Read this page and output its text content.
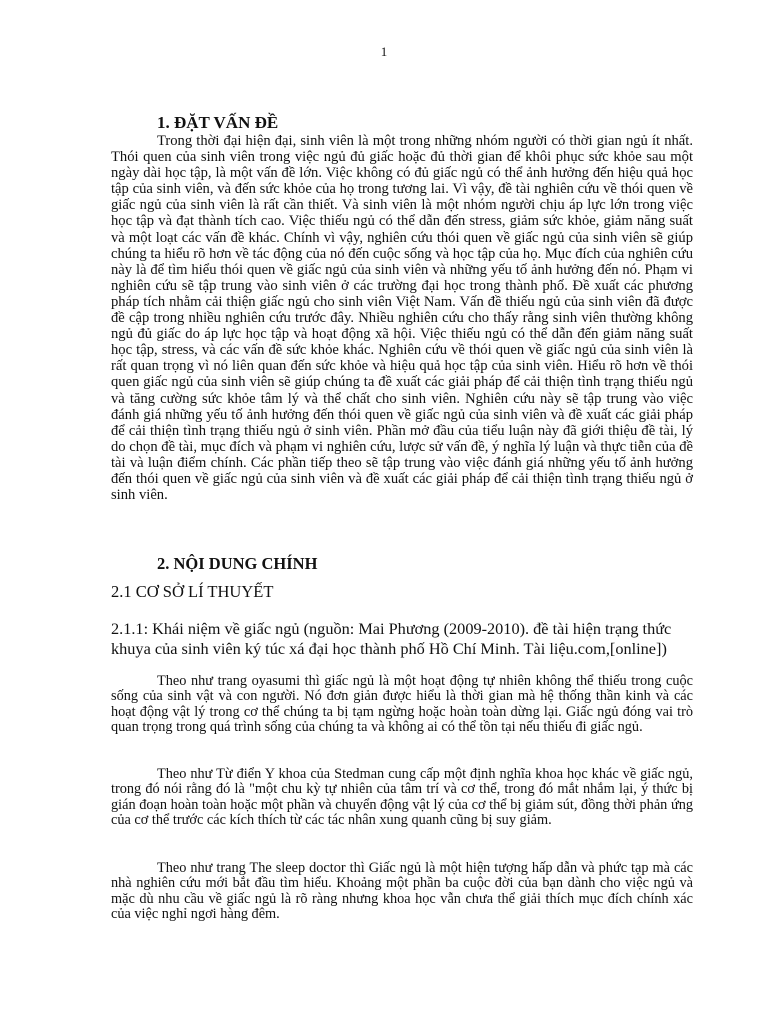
1
1. ĐẶT VẤN ĐỀ

Trong thời đại hiện đại, sinh viên là một trong những nhóm người có thời gian ngủ ít nhất. Thói quen của sinh viên trong việc ngủ đủ giấc hoặc đủ thời gian để khôi phục sức khỏe sau một ngày dài học tập, là một vấn đề lớn. Việc không có đủ giấc ngủ có thể ảnh hưởng đến hiệu quả học tập của sinh viên, và đến sức khỏe của họ trong tương lai. Vì vậy, đề tài nghiên cứu về thói quen về giấc ngủ của sinh viên là rất cần thiết. Và sinh viên là một nhóm người chịu áp lực lớn trong việc học tập và đạt thành tích cao. Việc thiếu ngủ có thể dẫn đến stress, giảm sức khỏe, giảm năng suất và một loạt các vấn đề khác. Chính vì vậy, nghiên cứu thói quen về giấc ngủ của sinh viên sẽ giúp chúng ta hiểu rõ hơn về tác động của nó đến cuộc sống và học tập của họ. Mục đích của nghiên cứu này là để tìm hiểu thói quen về giấc ngủ của sinh viên và những yếu tố ảnh hưởng đến nó. Phạm vi nghiên cứu sẽ tập trung vào sinh viên ở các trường đại học trong thành phố. Đề xuất các phương pháp tích nhằm cải thiện giấc ngủ cho sinh viên Việt Nam. Vấn đề thiếu ngủ của sinh viên đã được đề cập trong nhiều nghiên cứu trước đây. Nhiều nghiên cứu cho thấy rằng sinh viên thường không ngủ đủ giấc do áp lực học tập và hoạt động xã hội. Việc thiếu ngủ có thể dẫn đến giảm năng suất học tập, stress, và các vấn đề sức khỏe khác. Nghiên cứu về thói quen về giấc ngủ của sinh viên là rất quan trọng vì nó liên quan đến sức khỏe và hiệu quả học tập của sinh viên. Hiểu rõ hơn về thói quen giấc ngủ của sinh viên sẽ giúp chúng ta đề xuất các giải pháp để cải thiện tình trạng thiếu ngủ và tăng cường sức khỏe tâm lý và thể chất cho sinh viên. Nghiên cứu này sẽ tập trung vào việc đánh giá những yếu tố ảnh hưởng đến thói quen về giấc ngủ của sinh viên và đề xuất các giải pháp để cải thiện tình trạng thiếu ngủ ở sinh viên. Phần mở đầu của tiểu luận này đã giới thiệu đề tài, lý do chọn đề tài, mục đích và phạm vi nghiên cứu, lược sử vấn đề, ý nghĩa lý luận và thực tiễn của đề tài và luận điểm chính. Các phần tiếp theo sẽ tập trung vào việc đánh giá những yếu tố ảnh hưởng đến thói quen về giấc ngủ của sinh viên và đề xuất các giải pháp để cải thiện tình trạng thiếu ngủ ở sinh viên.

2. NỘI DUNG CHÍNH
2.1 CƠ SỞ LÍ THUYẾT
2.1.1: Khái niệm về giấc ngủ (nguồn: Mai Phương (2009-2010). đề tài hiện trạng thức khuya của sinh viên ký túc xá đại học thành phố Hồ Chí Minh. Tài liệu.com,[online])

Theo như trang oyasumi thì giấc ngủ là một hoạt động tự nhiên không thể thiếu trong cuộc sống của sinh vật và con người. Nó đơn giản được hiểu là thời gian mà hệ thống thần kinh và các hoạt động vật lý trong cơ thể chúng ta bị tạm ngừng hoặc hoàn toàn dừng lại. Giấc ngủ đóng vai trò quan trọng trong quá trình sống của chúng ta và không ai có thể tồn tại nếu thiếu đi giấc ngủ.

Theo như Từ điển Y khoa của Stedman cung cấp một định nghĩa khoa học khác về giấc ngủ, trong đó nói rằng đó là "một chu kỳ tự nhiên của tâm trí và cơ thể, trong đó mắt nhắm lại, ý thức bị gián đoạn hoàn toàn hoặc một phần và chuyển động vật lý của cơ thể bị giảm sút, đồng thời phản ứng của cơ thể trước các kích thích từ các tác nhân xung quanh cũng bị suy giảm.

Theo như trang The sleep doctor thì Giấc ngủ là một hiện tượng hấp dẫn và phức tạp mà các nhà nghiên cứu mới bắt đầu tìm hiểu. Khoảng một phần ba cuộc đời của bạn dành cho việc ngủ và mặc dù nhu cầu về giấc ngủ là rõ ràng nhưng khoa học vẫn chưa thể giải thích mục đích chính xác của việc nghỉ ngơi hàng đêm.
